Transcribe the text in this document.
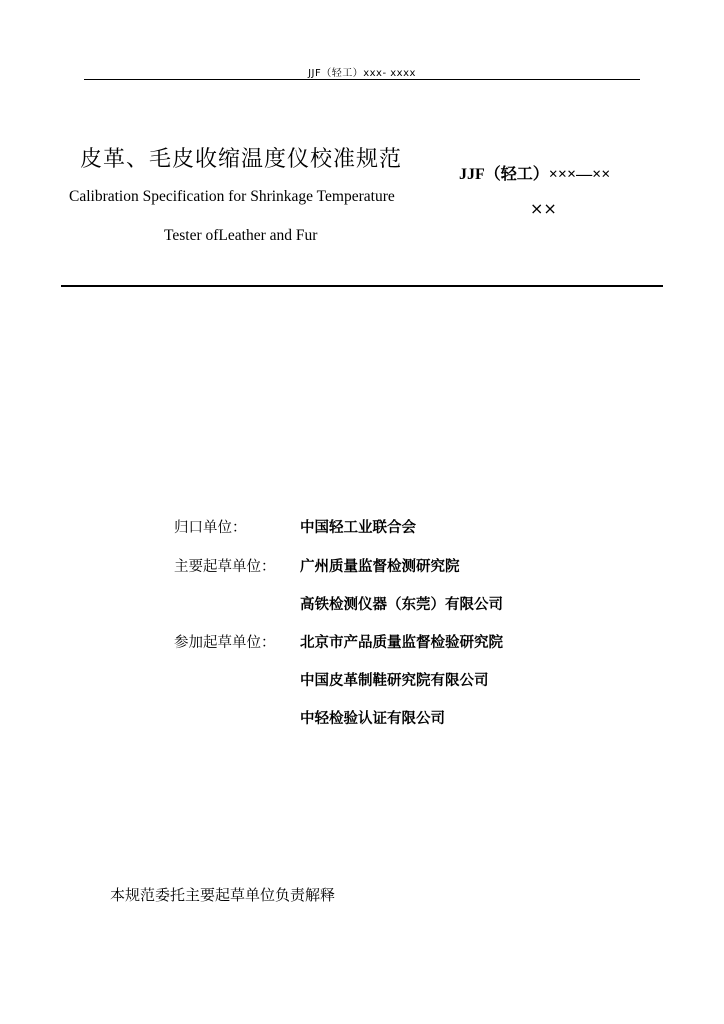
JJF（轻工）xxx- xxxx
皮革、毛皮收缩温度仪校准规范
Calibration Specification for Shrinkage Temperature
Tester ofLeather and Fur
JJF（轻工）×××—××
××
归口单位：	中国轻工业联合会
主要起草单位： 广州质量监督检测研究院
高铁检测仪器（东莞）有限公司
参加起草单位： 北京市产品质量监督检验研究院
中国皮革制鞋研究院有限公司
中轻检验认证有限公司
本规范委托主要起草单位负责解释
